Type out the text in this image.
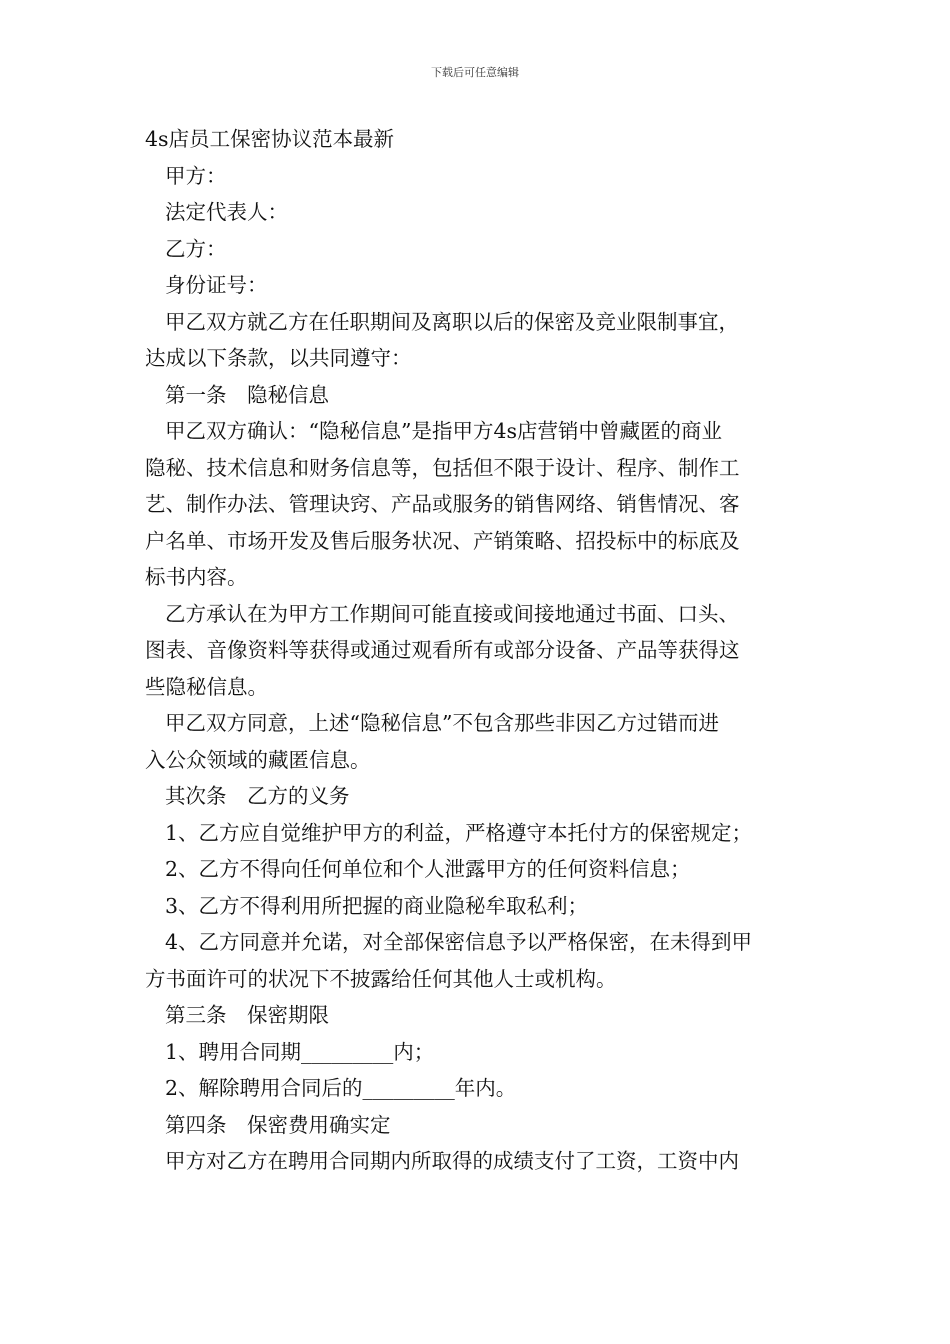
下载后可任意编辑
4s店员工保密协议范本最新
甲方：
法定代表人：
乙方：
身份证号：
甲乙双方就乙方在任职期间及离职以后的保密及竞业限制事宜，
达成以下条款，以共同遵守：
第一条　隐秘信息
甲乙双方确认：“隐秘信息”是指甲方4s店营销中曾藏匿的商业
隐秘、技术信息和财务信息等，包括但不限于设计、程序、制作工
艺、制作办法、管理诀窍、产品或服务的销售网络、销售情况、客
户名单、市场开发及售后服务状况、产销策略、招投标中的标底及
标书内容。
乙方承认在为甲方工作期间可能直接或间接地通过书面、口头、
图表、音像资料等获得或通过观看所有或部分设备、产品等获得这
些隐秘信息。
甲乙双方同意，上述“隐秘信息”不包含那些非因乙方过错而进
入公众领域的藏匿信息。
其次条　乙方的义务
1、乙方应自觉维护甲方的利益，严格遵守本托付方的保密规定；
2、乙方不得向任何单位和个人泄露甲方的任何资料信息；
3、乙方不得利用所把握的商业隐秘牟取私利；
4、乙方同意并允诺，对全部保密信息予以严格保密，在未得到甲
方书面许可的状况下不披露给任何其他人士或机构。
第三条　保密期限
1、聘用合同期_________内；
2、解除聘用合同后的_________年内。
第四条　保密费用确实定
甲方对乙方在聘用合同期内所取得的成绩支付了工资，工资中内
